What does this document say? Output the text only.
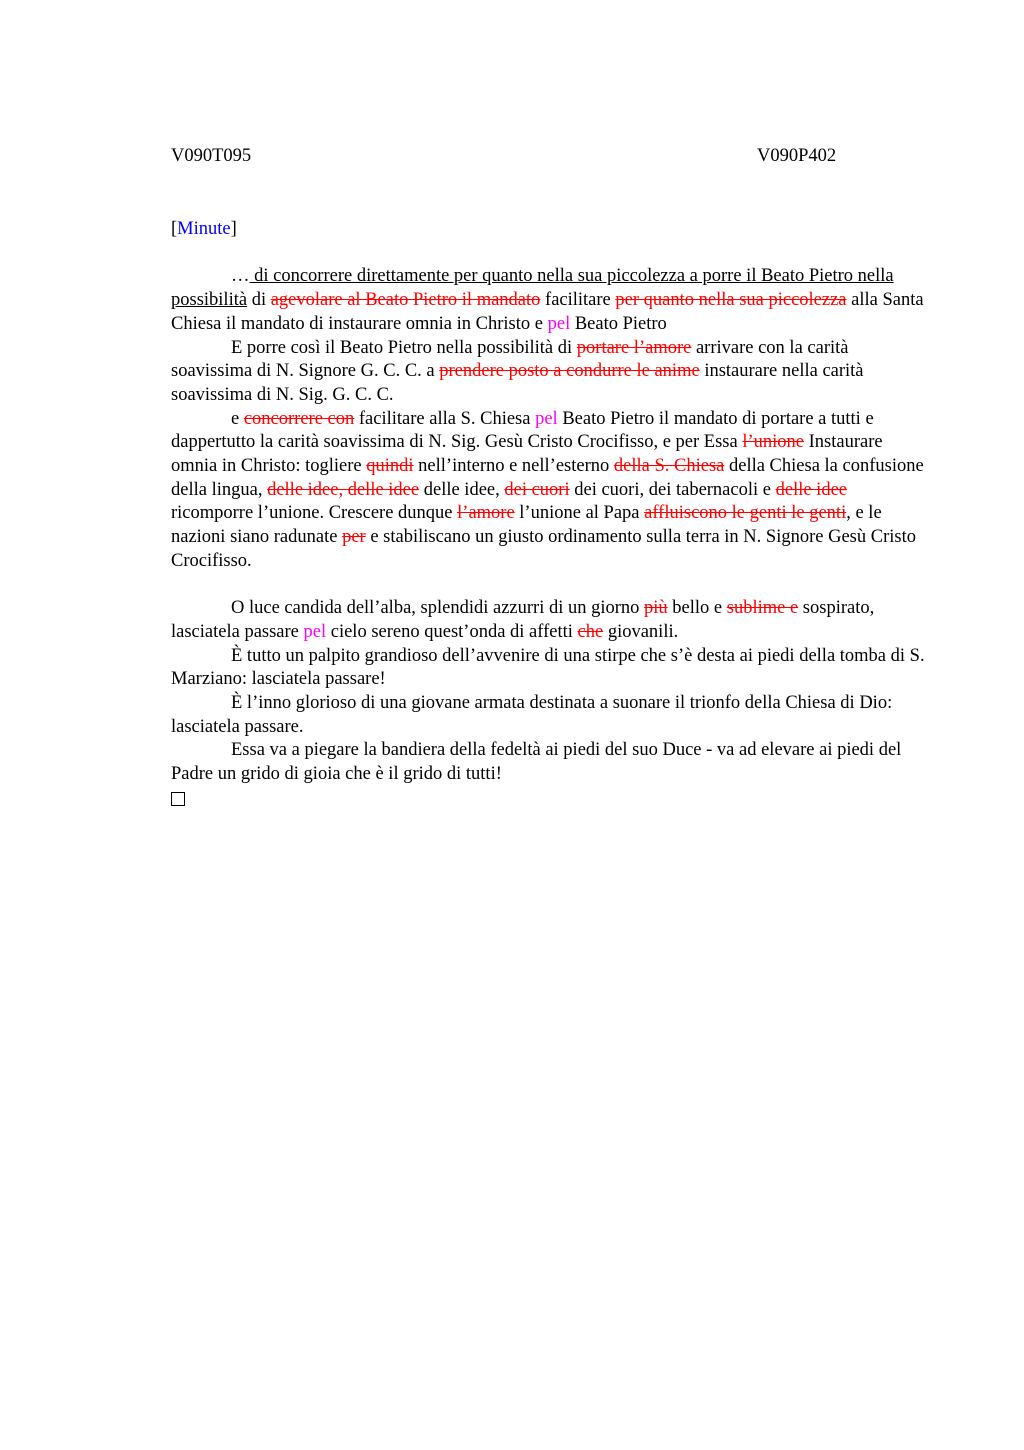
V090T095	V090P402
[Minute]

… di concorrere direttamente per quanto nella sua piccolezza a porre il Beato Pietro nella possibilità di agevolare al Beato Pietro il mandato facilitare per quanto nella sua piccolezza alla Santa Chiesa il mandato di instaurare omnia in Christo e pel Beato Pietro

E porre così il Beato Pietro nella possibilità di portare l’amore arrivare con la carità soavissima di N. Signore G. C. C. a prendere posto a condurre le anime instaurare nella carità soavissima di N. Sig. G. C. C.

e concorrere con facilitare alla S. Chiesa pel Beato Pietro il mandato di portare a tutti e dappertutto la carità soavissima di N. Sig. Gesù Cristo Crocifisso, e per Essa l’unione Instaurare omnia in Christo: togliere quindi nell’interno e nell’esterno della S. Chiesa della Chiesa la confusione della lingua, delle idee, delle idee delle idee, dei cuori dei cuori, dei tabernacoli e delle idee ricomporre l’unione. Crescere dunque l’amore l’unione al Papa affluiscono le genti le genti, e le nazioni siano radunate per e stabiliscano un giusto ordinamento sulla terra in N. Signore Gesù Cristo Crocifisso.

O luce candida dell’alba, splendidi azzurri di un giorno più bello e sublime e sospirato, lasciatela passare pel cielo sereno quest’onda di affetti che giovanili.

È tutto un palpito grandioso dell’avvenire di una stirpe che s’è desta ai piedi della tomba di S. Marziano: lasciatela passare!

È l’inno glorioso di una giovane armata destinata a suonare il trionfo della Chiesa di Dio: lasciatela passare.

Essa va a piegare la bandiera della fedeltà ai piedi del suo Duce - va ad elevare ai piedi del Padre un grido di gioia che è il grido di tutti!
